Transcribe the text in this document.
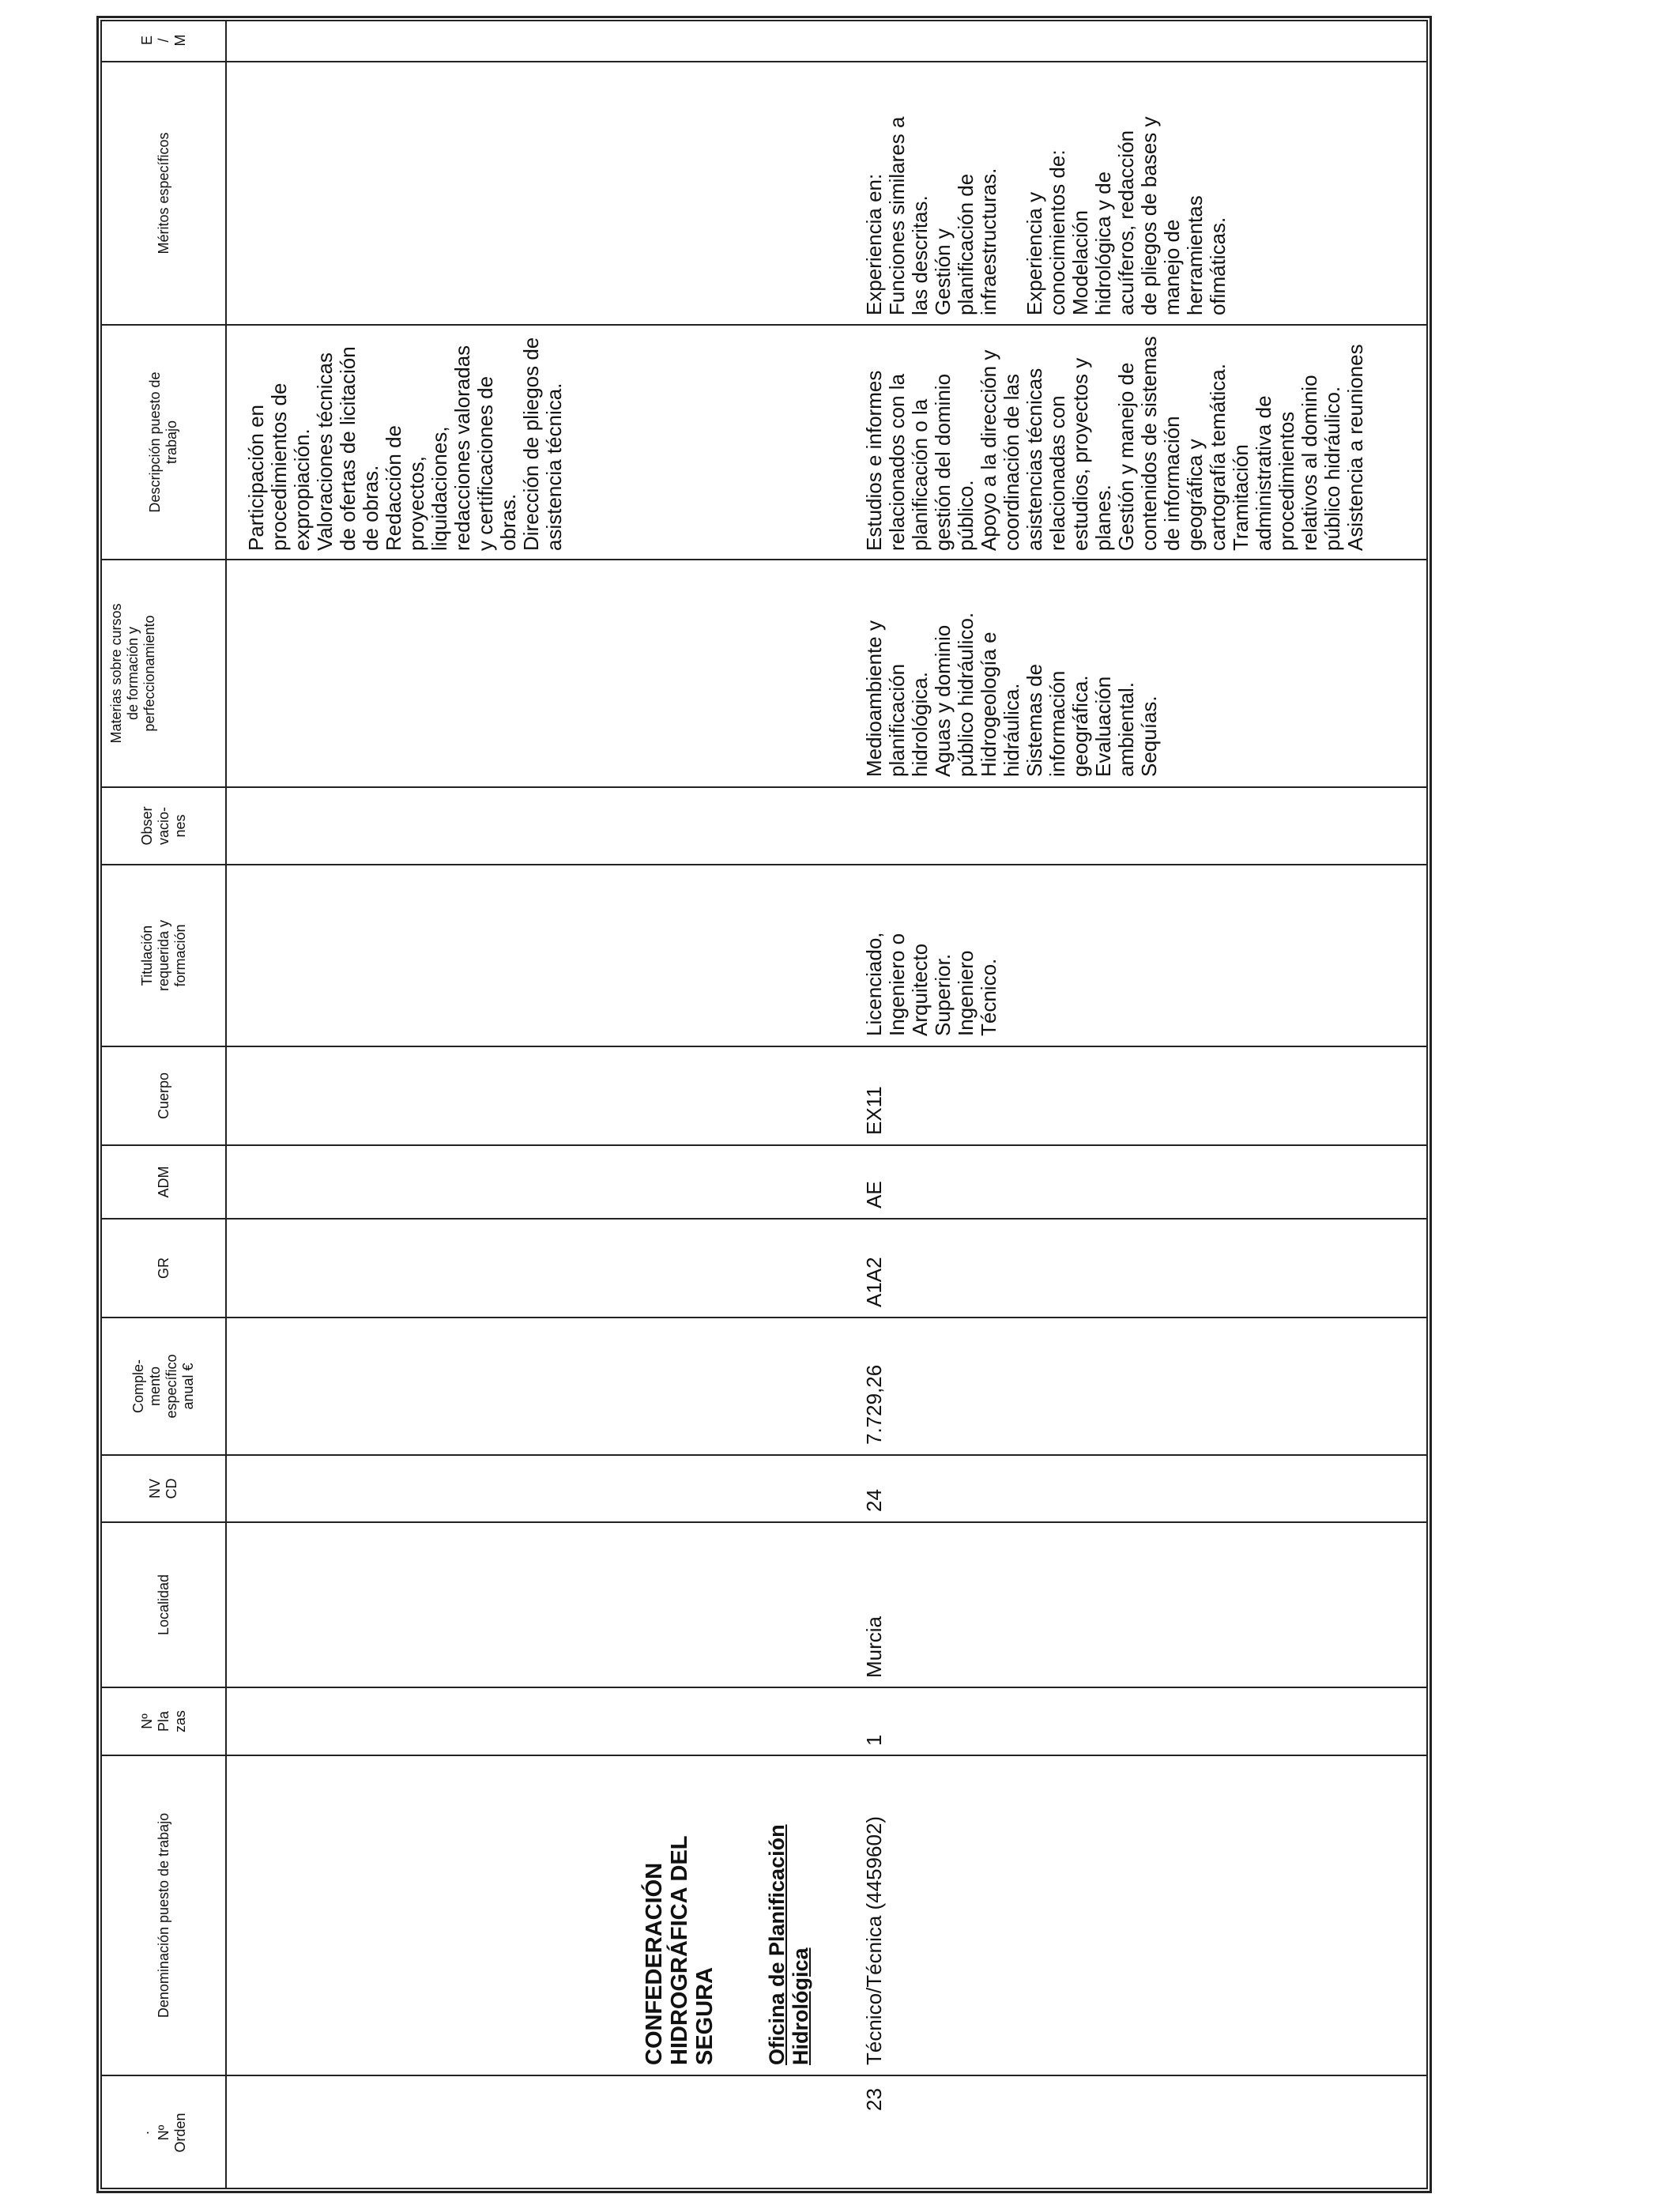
·
Nº
Orden
Denominación puesto de trabajo
Nº
Pla
zas
Localidad
NV
CD
Comple-
mento
específico
anual €
GR
ADM
Cuerpo
Titulación
requerida y
formación
Obser
vacio-
nes
Materias sobre cursos
de formación y
perfeccionamiento
Descripción puesto de
trabajo
Méritos específicos
E
/
M
Participación en
procedimientos de
expropiación.
Valoraciones técnicas
de ofertas de licitación
de obras.
Redacción de
proyectos,
liquidaciones,
redacciones valoradas
y certificaciones de
obras.
Dirección de pliegos de
asistencia técnica.
CONFEDERACIÓN
HIDROGRÁFICA DEL
SEGURA Oficina de Planificación
Hidrológica
23
Técnico/Técnica (4459602)
1
Murcia
24
7.729,26
A1A2
AE
EX11
Licenciado,
Ingeniero o
Arquitecto
Superior.
Ingeniero
Técnico.
Medioambiente y
planificación
hidrológica.
Aguas y dominio
público hidráulico.
Hidrogeología e
hidráulica.
Sistemas de
información
geográfica.
Evaluación
ambiental.
Sequías.
Estudios e informes
relacionados con la
planificación o la
gestión del dominio
público.
Apoyo a la dirección y
coordinación de las
asistencias técnicas
relacionadas con
estudios, proyectos y
planes.
Gestión y manejo de
contenidos de sistemas
de información
geográfica y
cartografía temática.
Tramitación
administrativa de
procedimientos
relativos al dominio
público hidráulico.
Asistencia a reuniones
Experiencia en:
Funciones similares a
las descritas.
Gestión y
planificación de
infraestructuras.

Experiencia y
conocimientos de:
Modelación
hidrológica y de
acuíferos, redacción
de pliegos de bases y
manejo de
herramientas
ofimáticas.
